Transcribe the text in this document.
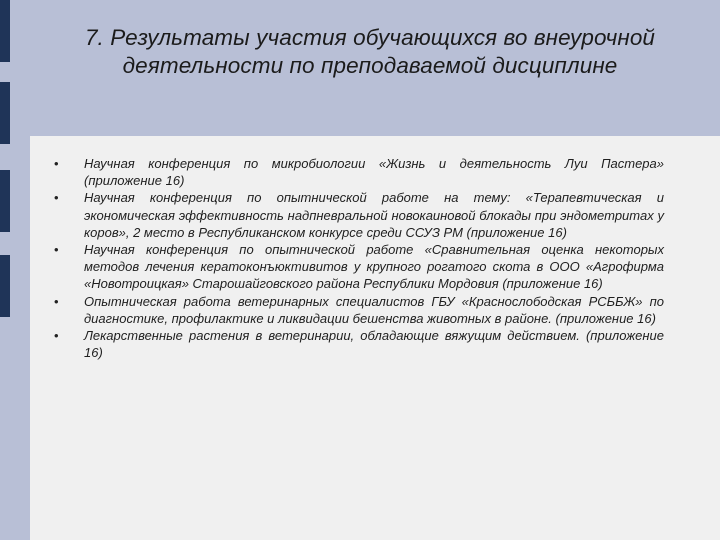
7. Результаты участия обучающихся во внеурочной деятельности по преподаваемой дисциплине
• Научная конференция по микробиологии «Жизнь и деятельность Луи Пастера» (приложение 16)
• Научная конференция по опытнической работе на тему: «Терапевтическая и экономическая эффективность надпневральной новокаиновой блокады при эндометритах у коров», 2 место в Республиканском конкурсе среди ССУЗ РМ (приложение 16)
• Научная конференция по опытнической работе «Сравнительная оценка некоторых методов лечения кератоконъюктивитов у крупного рогатого скота в ООО «Агрофирма «Новотроицкая» Старошайговского района Республики Мордовия (приложение 16)
• Опытническая работа ветеринарных специалистов ГБУ «Краснослободская РСББЖ» по диагностике, профилактике и ликвидации бешенства животных в районе. (приложение 16)
• Лекарственные растения в ветеринарии, обладающие вяжущим действием. (приложение 16)
